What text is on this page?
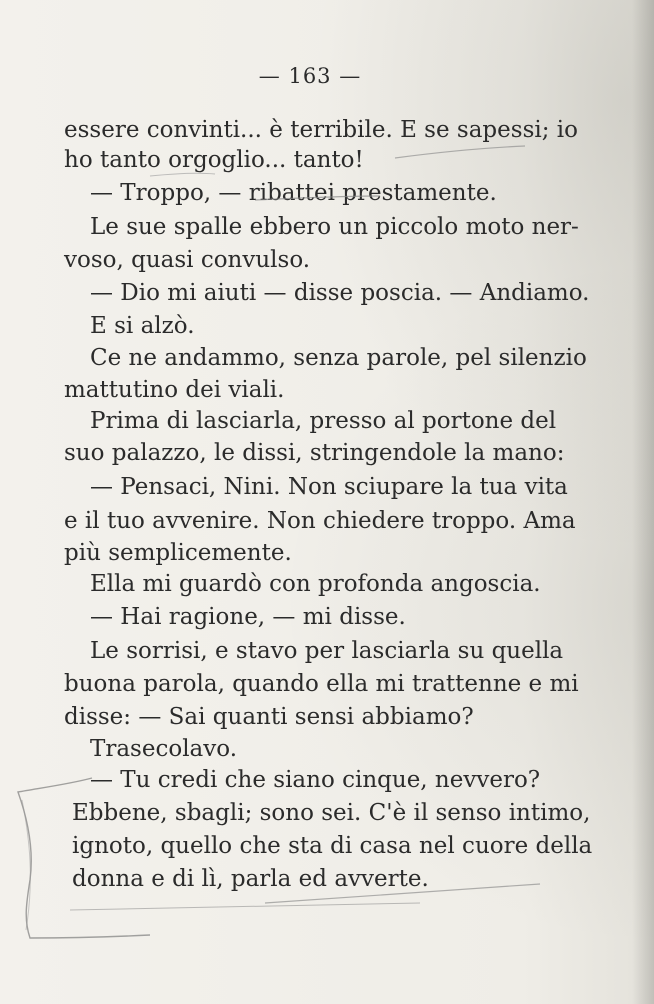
— 163 —
essere convinti... è terribile. E se sapessi; io
ho tanto orgoglio... tanto!
— Troppo, — ribattei prestamente.
Le sue spalle ebbero un piccolo moto ner-
voso, quasi convulso.
— Dio mi aiuti — disse poscia. — Andiamo.
E si alzò.
Ce ne andammo, senza parole, pel silenzio
mattutino dei viali.
Prima di lasciarla, presso al portone del
suo palazzo, le dissi, stringendole la mano:
— Pensaci, Nini. Non sciupare la tua vita
e il tuo avvenire. Non chiedere troppo. Ama
più semplicemente.
Ella mi guardò con profonda angoscia.
— Hai ragione, — mi disse.
Le sorrisi, e stavo per lasciarla su quella
buona parola, quando ella mi trattenne e mi
disse: — Sai quanti sensi abbiamo?
Trasecolavo.
— Tu credi che siano cinque, nevvero?
Ebbene, sbagli; sono sei. C'è il senso intimo,
ignoto, quello che sta di casa nel cuore della
donna e di lì, parla ed avverte.
